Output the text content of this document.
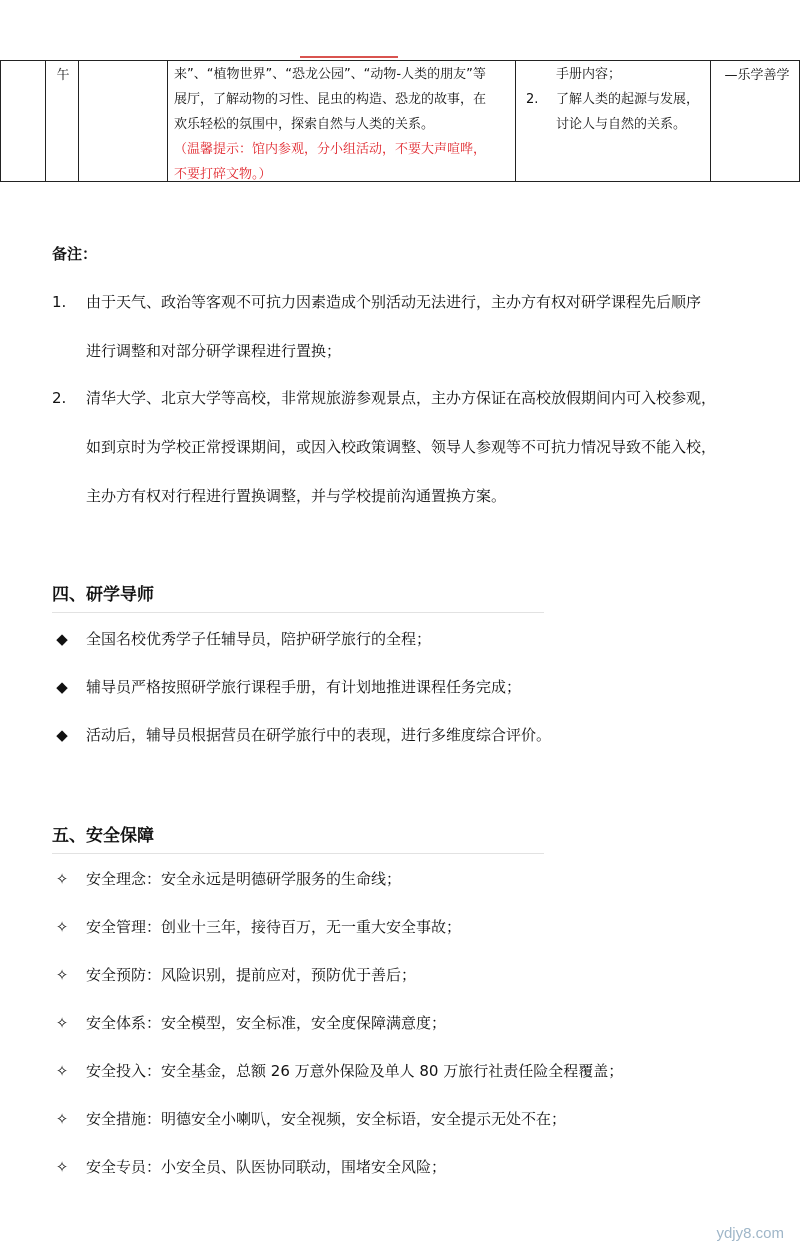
午	来”、“植物世界”、“恐龙公园”、“动物-人类的朋友”等
展厅，了解动物的习性、昆虫的构造、恐龙的故事，在
欢乐轻松的氛围中，探索自然与人类的关系。
（温馨提示：馆内参观，分小组活动，不要大声喧哗，
不要打碎文物。）
手册内容；
2. 了解人类的起源与发展，
讨论人与自然的关系。
—乐学善学
备注：
1. 由于天气、政治等客观不可抗力因素造成个别活动无法进行，主办方有权对研学课程先后顺序
进行调整和对部分研学课程进行置换；
2. 清华大学、北京大学等高校，非常规旅游参观景点，主办方保证在高校放假期间内可入校参观，
如到京时为学校正常授课期间，或因入校政策调整、领导人参观等不可抗力情况导致不能入校，
主办方有权对行程进行置换调整，并与学校提前沟通置换方案。
四、研学导师
◆ 全国名校优秀学子任辅导员，陪护研学旅行的全程；
◆ 辅导员严格按照研学旅行课程手册，有计划地推进课程任务完成；
◆ 活动后，辅导员根据营员在研学旅行中的表现，进行多维度综合评价。
五、安全保障
✧ 安全理念：安全永远是明德研学服务的生命线；
✧ 安全管理：创业十三年，接待百万，无一重大安全事故；
✧ 安全预防：风险识别，提前应对，预防优于善后；
✧ 安全体系：安全模型，安全标准，安全度保障满意度；
✧ 安全投入：安全基金，总额 26 万意外保险及单人 80 万旅行社责任险全程覆盖；
✧ 安全措施：明德安全小喇叭，安全视频，安全标语，安全提示无处不在；
✧ 安全专员：小安全员、队医协同联动，围堵安全风险；
ydjy8.com
